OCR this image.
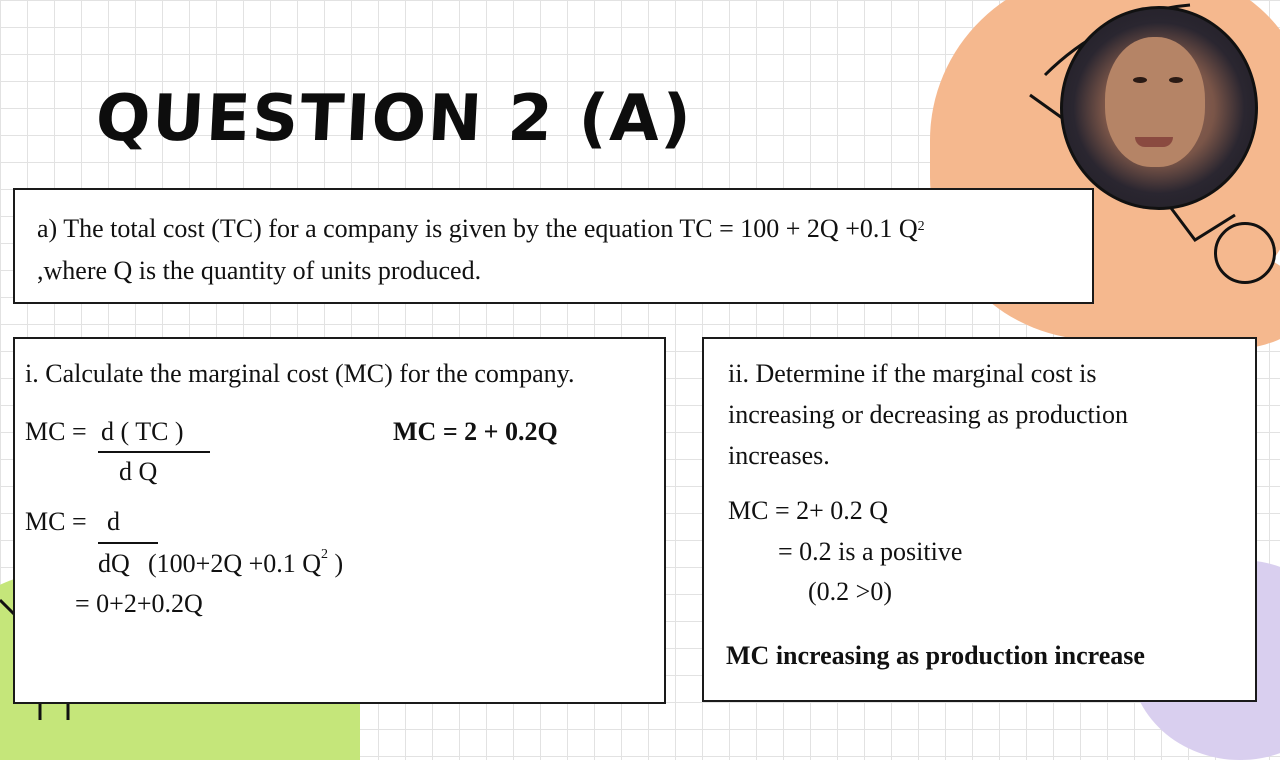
QUESTION 2 (A)
a) The total cost (TC) for a company is given by the equation TC = 100 + 2Q +0.1 $Q^2$
,where Q is the quantity of units produced.
i. Calculate the marginal cost (MC) for the company.
MC = d ( TC )
d Q
MC = 2 + 0.2Q
MC = d
dQ (100+2Q +0.1 $Q^2$ )
= 0+2+0.2Q
ii. Determine if the marginal cost is
increasing or decreasing as production
increases.
MC = 2+ 0.2 Q
= 0.2 is a positive
(0.2 >0)
MC increasing as production increase
